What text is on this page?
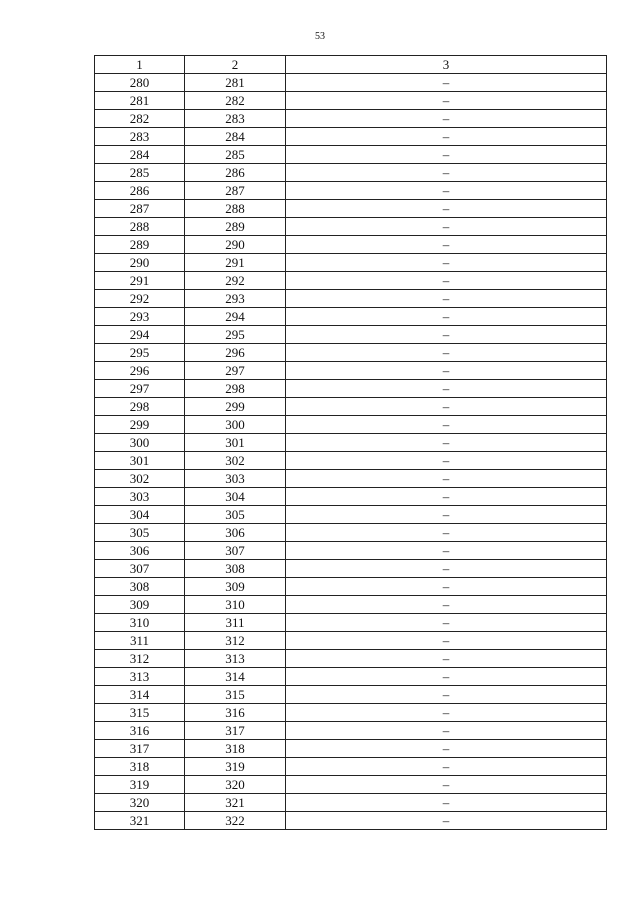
53
1	2	3
280	281	–
281	282	–
282	283	–
283	284	–
284	285	–
285	286	–
286	287	–
287	288	–
288	289	–
289	290	–
290	291	–
291	292	–
292	293	–
293	294	–
294	295	–
295	296	–
296	297	–
297	298	–
298	299	–
299	300	–
300	301	–
301	302	–
302	303	–
303	304	–
304	305	–
305	306	–
306	307	–
307	308	–
308	309	–
309	310	–
310	311	–
311	312	–
312	313	–
313	314	–
314	315	–
315	316	–
316	317	–
317	318	–
318	319	–
319	320	–
320	321	–
321	322	–
